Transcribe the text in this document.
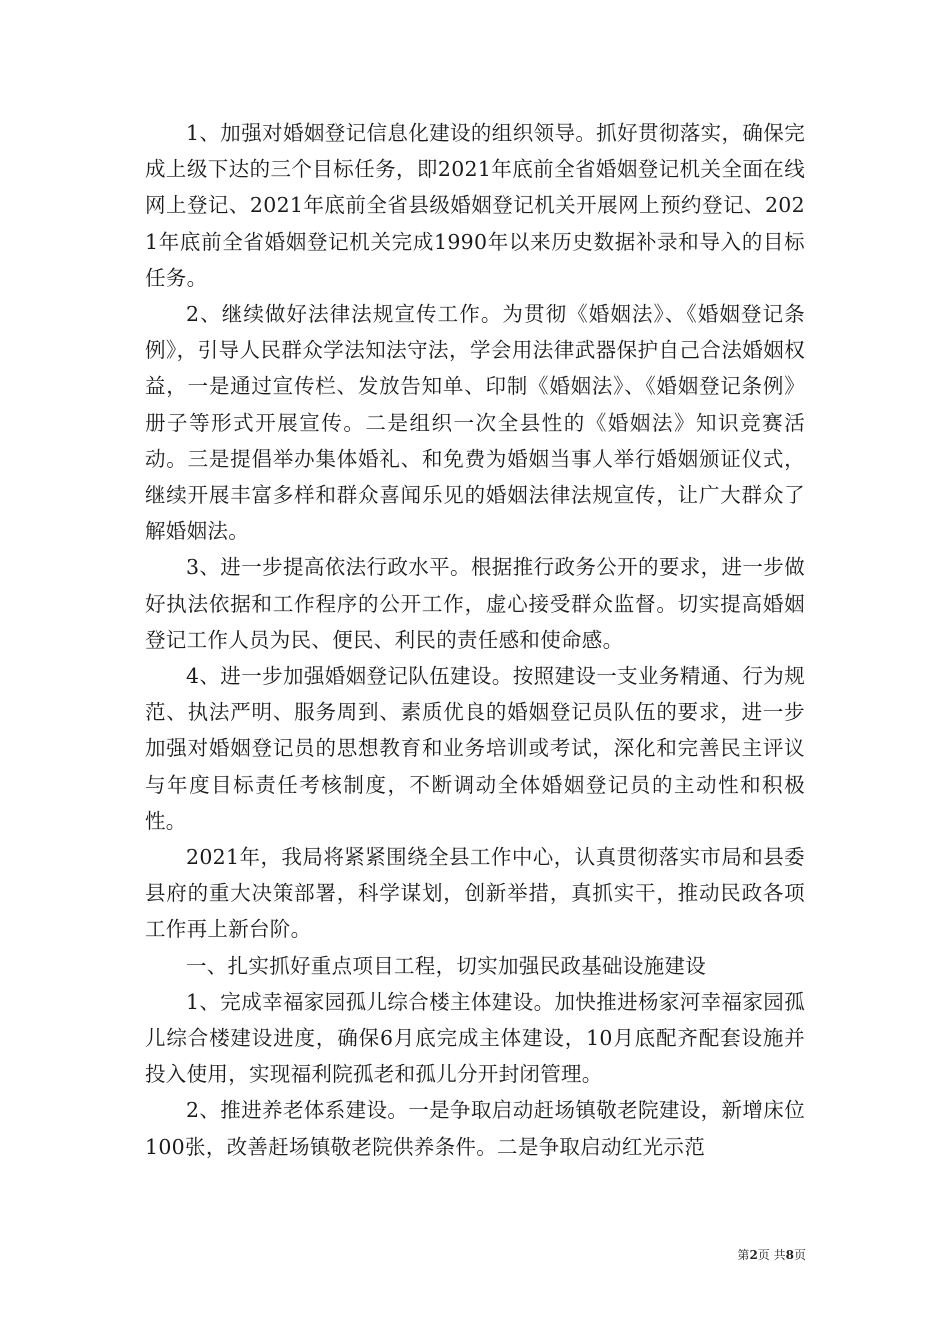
1、加强对婚姻登记信息化建设的组织领导。抓好贯彻落实，确保完成上级下达的三个目标任务，即2021年底前全省婚姻登记机关全面在线网上登记、2021年底前全省县级婚姻登记机关开展网上预约登记、2021年底前全省婚姻登记机关完成1990年以来历史数据补录和导入的目标任务。

2、继续做好法律法规宣传工作。为贯彻《婚姻法》、《婚姻登记条例》，引导人民群众学法知法守法，学会用法律武器保护自己合法婚姻权益，一是通过宣传栏、发放告知单、印制《婚姻法》、《婚姻登记条例》册子等形式开展宣传。二是组织一次全县性的《婚姻法》知识竞赛活动。三是提倡举办集体婚礼、和免费为婚姻当事人举行婚姻颁证仪式，继续开展丰富多样和群众喜闻乐见的婚姻法律法规宣传，让广大群众了解婚姻法。

3、进一步提高依法行政水平。根据推行政务公开的要求，进一步做好执法依据和工作程序的公开工作，虚心接受群众监督。切实提高婚姻登记工作人员为民、便民、利民的责任感和使命感。

4、进一步加强婚姻登记队伍建设。按照建设一支业务精通、行为规范、执法严明、服务周到、素质优良的婚姻登记员队伍的要求，进一步加强对婚姻登记员的思想教育和业务培训或考试，深化和完善民主评议与年度目标责任考核制度，不断调动全体婚姻登记员的主动性和积极性。

2021年，我局将紧紧围绕全县工作中心，认真贯彻落实市局和县委县府的重大决策部署，科学谋划，创新举措，真抓实干，推动民政各项工作再上新台阶。

一、扎实抓好重点项目工程，切实加强民政基础设施建设

1、完成幸福家园孤儿综合楼主体建设。加快推进杨家河幸福家园孤儿综合楼建设进度，确保6月底完成主体建设，10月底配齐配套设施并投入使用，实现福利院孤老和孤儿分开封闭管理。

2、推进养老体系建设。一是争取启动赶场镇敬老院建设，新增床位100张，改善赶场镇敬老院供养条件。二是争取启动红光示范

第2页 共8页
